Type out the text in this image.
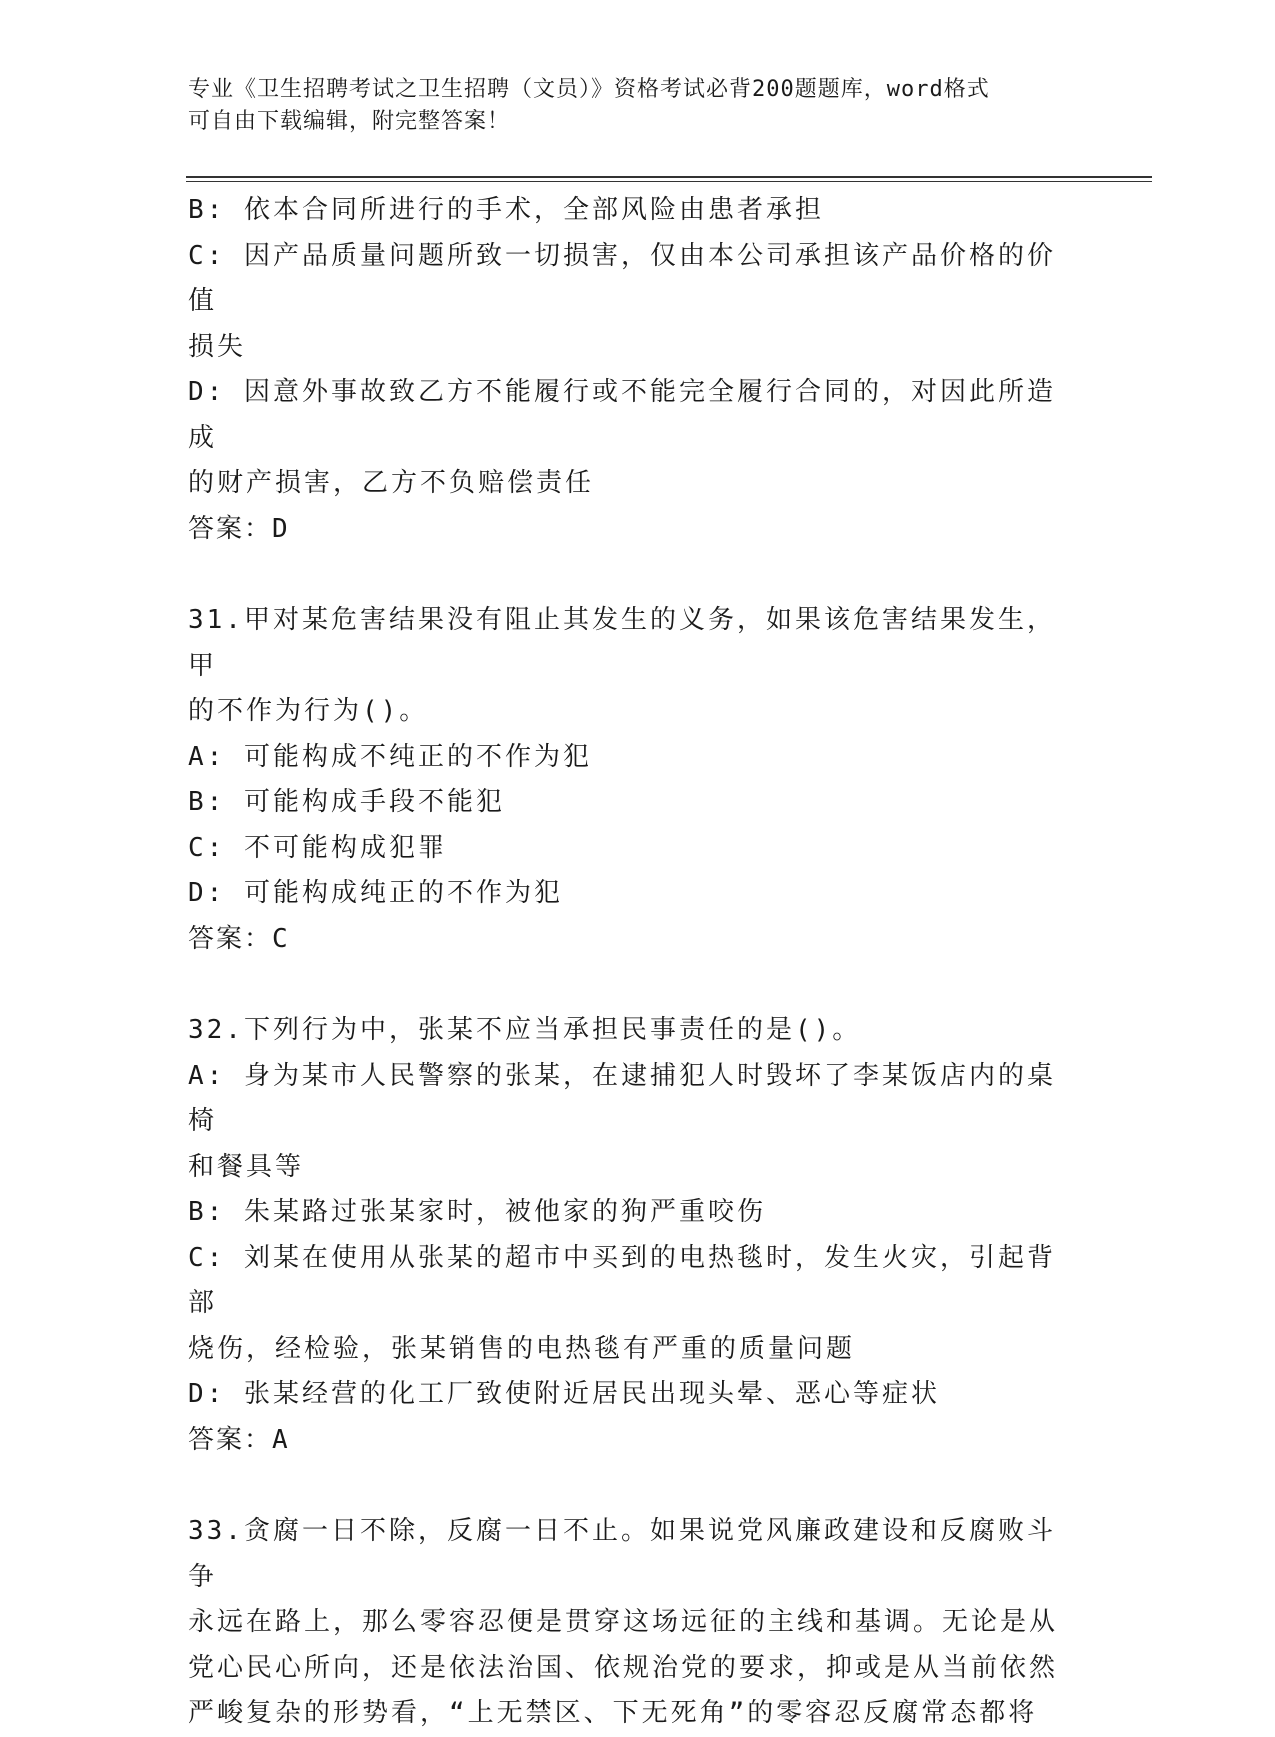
专业《卫生招聘考试之卫生招聘（文员）》资格考试必背200题题库，word格式
可自由下载编辑，附完整答案！
B: 依本合同所进行的手术，全部风险由患者承担
C: 因产品质量问题所致一切损害，仅由本公司承担该产品价格的价值
损失
D: 因意外事故致乙方不能履行或不能完全履行合同的，对因此所造成
的财产损害，乙方不负赔偿责任
答案：D
31.甲对某危害结果没有阻止其发生的义务，如果该危害结果发生，甲
的不作为行为()。
A: 可能构成不纯正的不作为犯
B: 可能构成手段不能犯
C: 不可能构成犯罪
D: 可能构成纯正的不作为犯
答案：C
32.下列行为中，张某不应当承担民事责任的是()。
A: 身为某市人民警察的张某，在逮捕犯人时毁坏了李某饭店内的桌椅
和餐具等
B: 朱某路过张某家时，被他家的狗严重咬伤
C: 刘某在使用从张某的超市中买到的电热毯时，发生火灾，引起背部
烧伤，经检验，张某销售的电热毯有严重的质量问题
D: 张某经营的化工厂致使附近居民出现头晕、恶心等症状
答案：A
33.贪腐一日不除，反腐一日不止。如果说党风廉政建设和反腐败斗争
永远在路上，那么零容忍便是贯穿这场远征的主线和基调。无论是从
党心民心所向，还是依法治国、依规治党的要求，抑或是从当前依然
严峻复杂的形势看，“上无禁区、下无死角”的零容忍反腐常态都将
